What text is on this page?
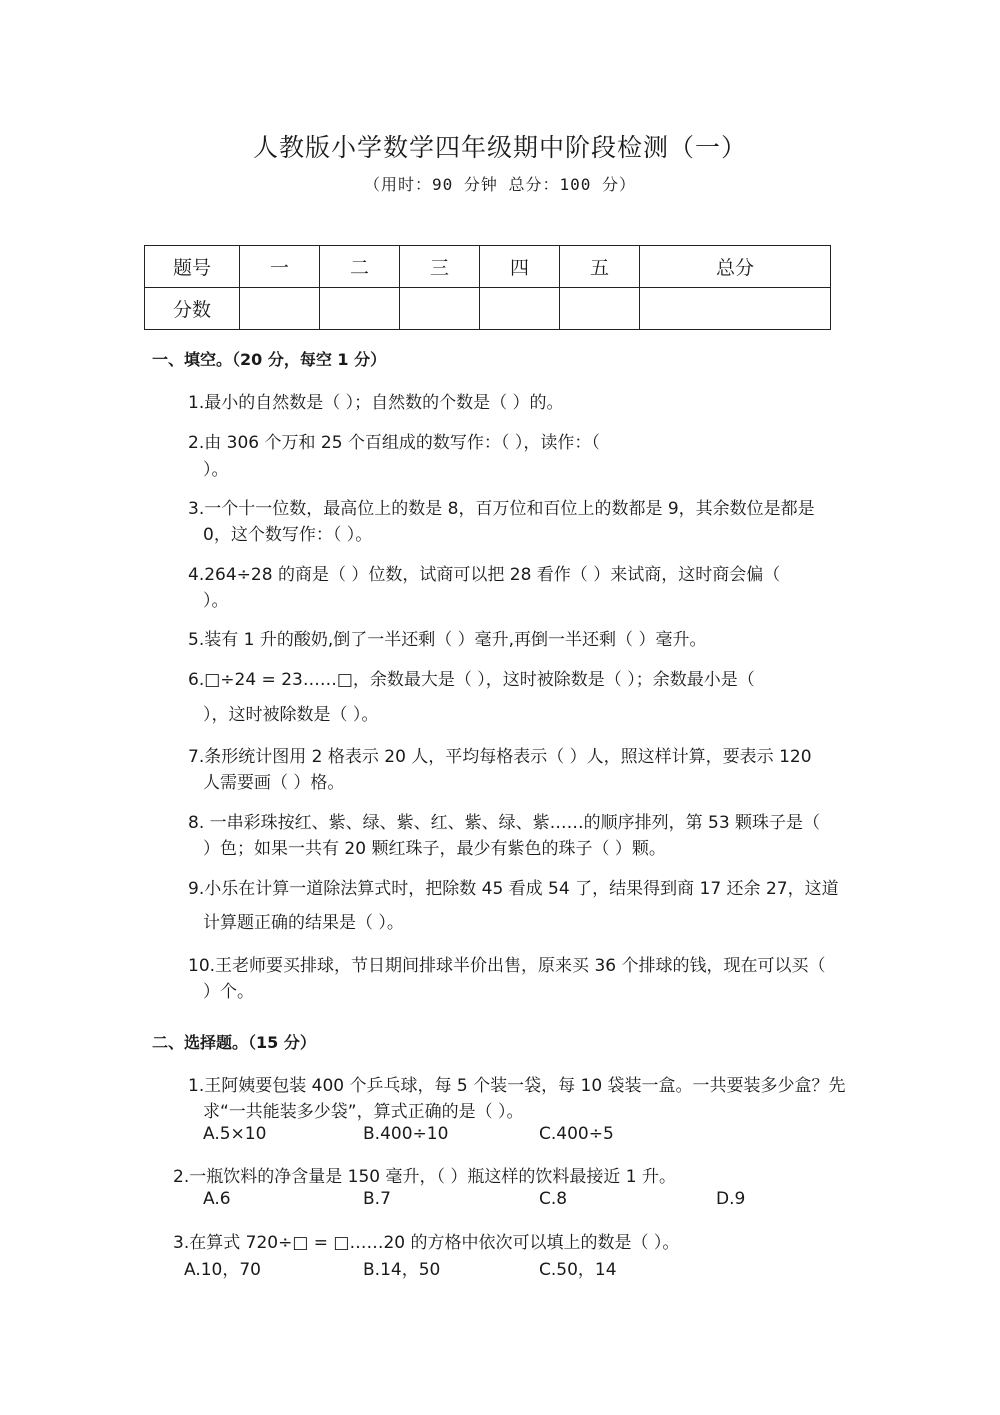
人教版小学数学四年级期中阶段检测（一）
（用时：90 分钟 总分：100 分）
题号	一	二	三	四	五	总分
分数						
一、填空。（20 分，每空 1 分）
1.最小的自然数是（ ）；自然数的个数是（ ）的。
2.由 306 个万和 25 个百组成的数写作：（ ），读作：（
）。
3.一个十一位数，最高位上的数是 8，百万位和百位上的数都是 9，其余数位是都是
0，这个数写作：（ ）。
4.264÷28 的商是（ ）位数，试商可以把 28 看作（ ）来试商，这时商会偏（
）。
5.装有 1 升的酸奶,倒了一半还剩（ ）毫升,再倒一半还剩（ ）毫升。
6.□÷24 = 23……□，余数最大是（ ），这时被除数是（ ）；余数最小是（
），这时被除数是（ ）。
7.条形统计图用 2 格表示 20 人，平均每格表示（ ）人，照这样计算，要表示 120
人需要画（ ）格。
8. 一串彩珠按红、紫、绿、紫、红、紫、绿、紫……的顺序排列，第 53 颗珠子是（
）色；如果一共有 20 颗红珠子，最少有紫色的珠子（ ）颗。
9.小乐在计算一道除法算式时，把除数 45 看成 54 了，结果得到商 17 还余 27，这道
计算题正确的结果是（ ）。
10.王老师要买排球，节日期间排球半价出售，原来买 36 个排球的钱，现在可以买（
）个。
二、选择题。（15 分）
1.王阿姨要包装 400 个乒乓球，每 5 个装一袋，每 10 袋装一盒。一共要装多少盒？先
求“一共能装多少袋”，算式正确的是（ ）。
A.5×10	B.400÷10	C.400÷5
2.一瓶饮料的净含量是 150 毫升，（ ）瓶这样的饮料最接近 1 升。
A.6	B.7	C.8	D.9
3.在算式 720÷□ = □……20 的方格中依次可以填上的数是（ ）。
A.10，70	B.14，50	C.50，14
